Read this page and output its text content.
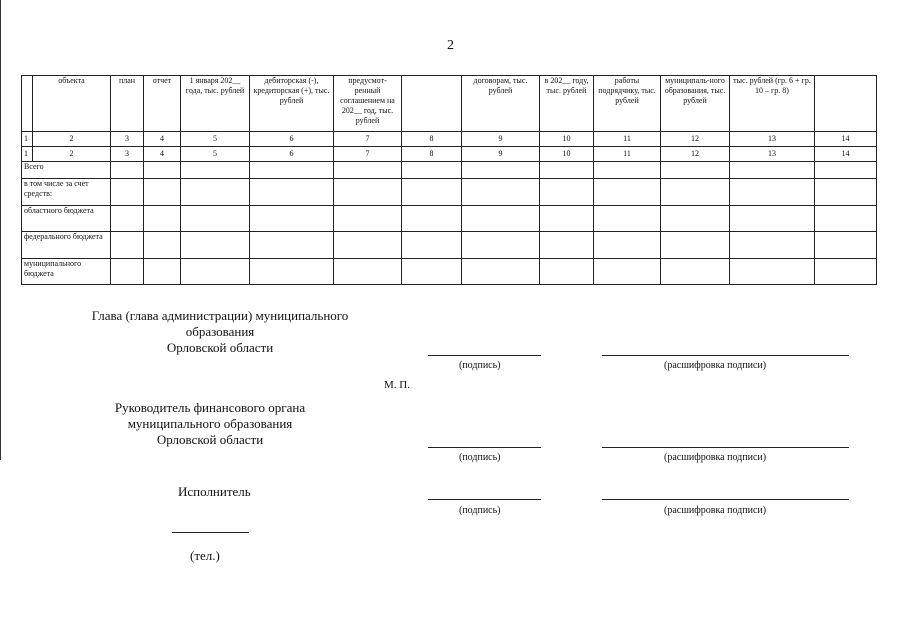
2
	объекта	план	отчет	1 января 202__ года, тыс. рублей	дебиторская (-), кредиторская (+), тыс. рублей	предусмот-ренный соглашением на 202__ год, тыс. рублей		договорам, тыс. рублей	в 202__ году, тыс. рублей	работы подрядчику, тыс. рублей	муниципаль-ного образования, тыс. рублей	тыс. рублей (гр. 6 + гр. 10 – гр. 8)	
1	2	3	4	5	6	7	8	9	10	11	12	13	14
1	2	3	4	5	6	7	8	9	10	11	12	13	14
Всего													
в том числе за счет средств:													
областного бюджета													
федерального бюджета													
муниципального бюджета													
Глава (глава администрации) муниципального
образования
Орловской области
(подпись)	(расшифровка подписи)
М. П.
Руководитель финансового органа
муниципального образования
Орловской области
(подпись)	(расшифровка подписи)
Исполнитель
(подпись)	(расшифровка подписи)
(тел.)
